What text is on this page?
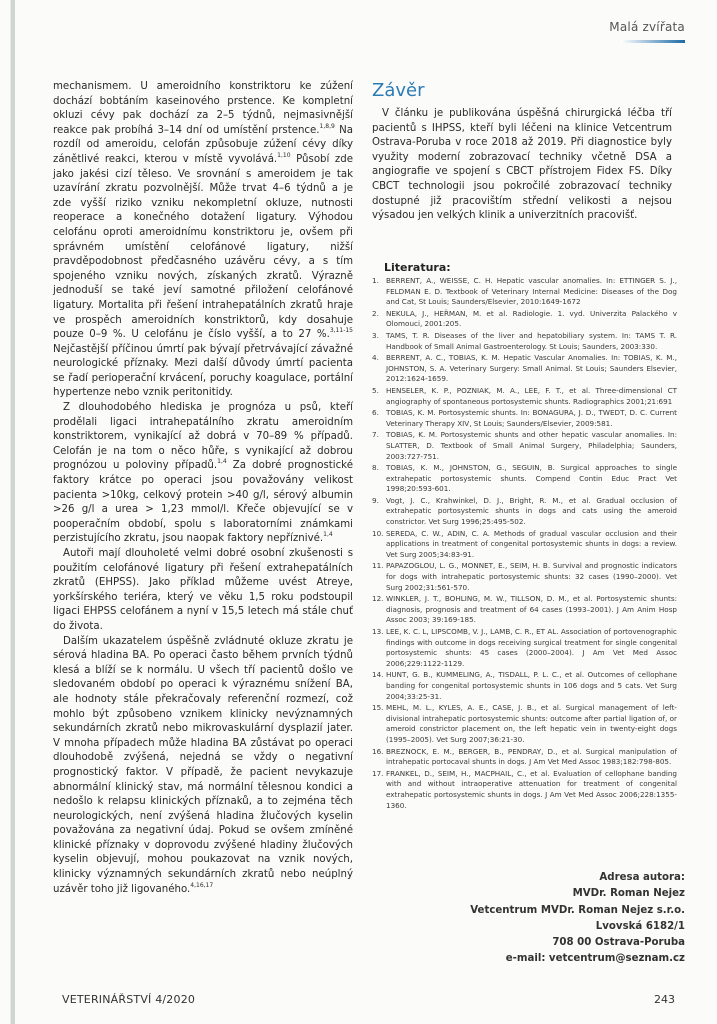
Malá zvířata

mechanismem. U ameroidního konstriktoru ke zúžení dochází bobtáním kaseinového prstence. Ke kompletní okluzi cévy pak dochází za 2–5 týdnů, nejmasivnější reakce pak probíhá 3–14 dní od umístění prstence.$^{1,8,9}$ Na rozdíl od ameroidu, celofán způsobuje zúžení cévy díky zánětlivé reakci, kterou v místě vyvolává.$^{1,10}$ Působí zde jako jakési cizí těleso. Ve srovnání s ameroidem je tak uzavírání zkratu pozvolnější. Může trvat 4–6 týdnů a je zde vyšší riziko vzniku nekompletní okluze, nutnosti reoperace a konečného dotažení ligatury. Výhodou celofánu oproti ameroidnímu konstriktoru je, ovšem při správném umístění celofánové ligatury, nižší pravděpodobnost předčasného uzávěru cévy, a s tím spojeného vzniku nových, získaných zkratů. Výrazně jednoduší se také jeví samotné přiložení celofánové ligatury. Mortalita při řešení intrahepatálních zkratů hraje ve prospěch ameroidních konstriktorů, kdy dosahuje pouze 0–9 %. U celofánu je číslo vyšší, a to 27 %.$^{3,11-15}$ Nejčastější příčinou úmrtí pak bývají přetrvávající závažné neurologické příznaky. Mezi další důvody úmrtí pacienta se řadí perioperační krvácení, poruchy koagulace, portální hypertenze nebo vznik peritonitidy.

Z dlouhodobého hlediska je prognóza u psů, kteří prodělali ligaci intrahepatálního zkratu ameroidním konstriktorem, vynikající až dobrá v 70–89 % případů. Celofán je na tom o něco hůře, s vynikající až dobrou prognózou u poloviny případů.$^{1,4}$ Za dobré prognostické faktory krátce po operaci jsou považovány velikost pacienta >10kg, celkový protein >40 g/l, sérový albumin >26 g/l a urea > 1,23 mmol/l. Křeče objevující se v pooperačním období, spolu s laboratorními známkami perzistujícího zkratu, jsou naopak faktory nepříznivé.$^{1,4}$

Autoři mají dlouholeté velmi dobré osobní zkušenosti s použitím celofánové ligatury při řešení extrahepatálních zkratů (EHPSS). Jako příklad můžeme uvést Atreye, yorkšírského teriéra, který ve věku 1,5 roku podstoupil ligaci EHPSS celofánem a nyní v 15,5 letech má stále chuť do života.

Dalším ukazatelem úspěšně zvládnuté okluze zkratu je sérová hladina BA. Po operaci často během prvních týdnů klesá a blíží se k normálu. U všech tří pacientů došlo ve sledovaném období po operaci k výraznému snížení BA, ale hodnoty stále překračovaly referenční rozmezí, což mohlo být způsobeno vznikem klinicky nevýznamných sekundárních zkratů nebo mikrovaskulární dysplazií jater. V mnoha případech může hladina BA zůstávat po operaci dlouhodobě zvýšená, nejedná se vždy o negativní prognostický faktor. V případě, že pacient nevykazuje abnormální klinický stav, má normální tělesnou kondici a nedošlo k relapsu klinických příznaků, a to zejména těch neurologických, není zvýšená hladina žlučových kyselin považována za negativní údaj. Pokud se ovšem zmíněné klinické příznaky v doprovodu zvýšené hladiny žlučových kyselin objevují, mohou poukazovat na vznik nových, klinicky významných sekundárních zkratů nebo neúplný uzávěr toho již ligovaného.$^{4,16,17}$

Závěr

V článku je publikována úspěšná chirurgická léčba tří pacientů s IHPSS, kteří byli léčeni na klinice Vetcentrum Ostrava-Poruba v roce 2018 až 2019. Při diagnostice byly využity moderní zobrazovací techniky včetně DSA a angiografie ve spojení s CBCT přístrojem Fidex FS. Díky CBCT technologii jsou pokročilé zobrazovací techniky dostupné již pracovištím střední velikosti a nejsou výsadou jen velkých klinik a univerzitních pracovišť.

Literatura:
1. BERRENT, A., WEISSE, C. H. Hepatic vascular anomalies. In: ETTINGER S. J., FELDMAN E. D. Textbook of Veterinary Internal Medicine: Diseases of the Dog and Cat, St Louis; Saunders/Elsevier, 2010:1649-1672
2. NEKULA, J., HEŘMAN, M. et al. Radiologie. 1. vyd. Univerzita Palackého v Olomouci, 2001:205.
3. TAMS, T. R. Diseases of the liver and hepatobiliary system. In: TAMS T. R. Handbook of Small Animal Gastroenterology. St Louis; Saunders, 2003:330.
4. BERRENT, A. C., TOBIAS, K. M. Hepatic Vascular Anomalies. In: TOBIAS, K. M., JOHNSTON, S. A. Veterinary Surgery: Small Animal. St Louis; Saunders Elsevier, 2012:1624-1659.
5. HENSELER, K. P., POZNIAK, M. A., LEE, F. T., et al. Three-dimensional CT angiography of spontaneous portosystemic shunts. Radiographics 2001;21:691
6. TOBIAS, K. M. Portosystemic shunts. In: BONAGURA, J. D., TWEDT, D. C. Current Veterinary Therapy XIV, St Louis; Saunders/Elsevier, 2009:581.
7. TOBIAS, K. M. Portosystemic shunts and other hepatic vascular anomalies. In: SLATTER, D. Textbook of Small Animal Surgery, Philadelphia; Saunders, 2003:727-751.
8. TOBIAS, K. M., JOHNSTON, G., SEGUIN, B. Surgical approaches to single extrahepatic portosystemic shunts. Compend Contin Educ Pract Vet 1998;20:593-601.
9. Vogt, J. C., Krahwinkel, D. J., Bright, R. M., et al. Gradual occlusion of extrahepatic portosystemic shunts in dogs and cats using the ameroid constrictor. Vet Surg 1996;25:495-502.
10. SEREDA, C. W., ADIN, C. A. Methods of gradual vascular occlusion and their applications in treatment of congenital portosystemic shunts in dogs: a review. Vet Surg 2005;34:83-91.
11. PAPAZOGLOU, L. G., MONNET, E., SEIM, H. B. Survival and prognostic indicators for dogs with intrahepatic portosystemic shunts: 32 cases (1990–2000). Vet Surg 2002;31:561-570.
12. WINKLER, J. T., BOHLING, M. W., TILLSON, D. M., et al. Portosystemic shunts: diagnosis, prognosis and treatment of 64 cases (1993–2001). J Am Anim Hosp Assoc 2003; 39:169-185.
13. LEE, K. C. L, LIPSCOMB, V. J., LAMB, C. R., ET AL. Association of portovenographic findings with outcome in dogs receiving surgical treatment for single congenital portosystemic shunts: 45 cases (2000–2004). J Am Vet Med Assoc 2006;229:1122-1129.
14. HUNT, G. B., KUMMELING, A., TISDALL, P. L. C., et al. Outcomes of cellophane banding for congenital portosystemic shunts in 106 dogs and 5 cats. Vet Surg 2004;33:25-31.
15. MEHL, M. L., KYLES, A. E., CASE, J. B., et al. Surgical management of left-divisional intrahepatic portosystemic shunts: outcome after partial ligation of, or ameroid constrictor placement on, the left hepatic vein in twenty-eight dogs (1995–2005). Vet Surg 2007;36:21-30.
16. BREZNOCK, E. M., BERGER, B., PENDRAY, D., et al. Surgical manipulation of intrahepatic portocaval shunts in dogs. J Am Vet Med Assoc 1983;182:798-805.
17. FRANKEL, D., SEIM, H., MACPHAIL, C., et al. Evaluation of cellophane banding with and without intraoperative attenuation for treatment of congenital extrahepatic portosystemic shunts in dogs. J Am Vet Med Assoc 2006;228:1355-1360.
Adresa autora:
MVDr. Roman Nejez
Vetcentrum MVDr. Roman Nejez s.r.o.
Lvovská 6182/1
708 00 Ostrava-Poruba
e-mail: vetcentrum@seznam.cz
VETERINÁŘSTVÍ 4/2020	243
